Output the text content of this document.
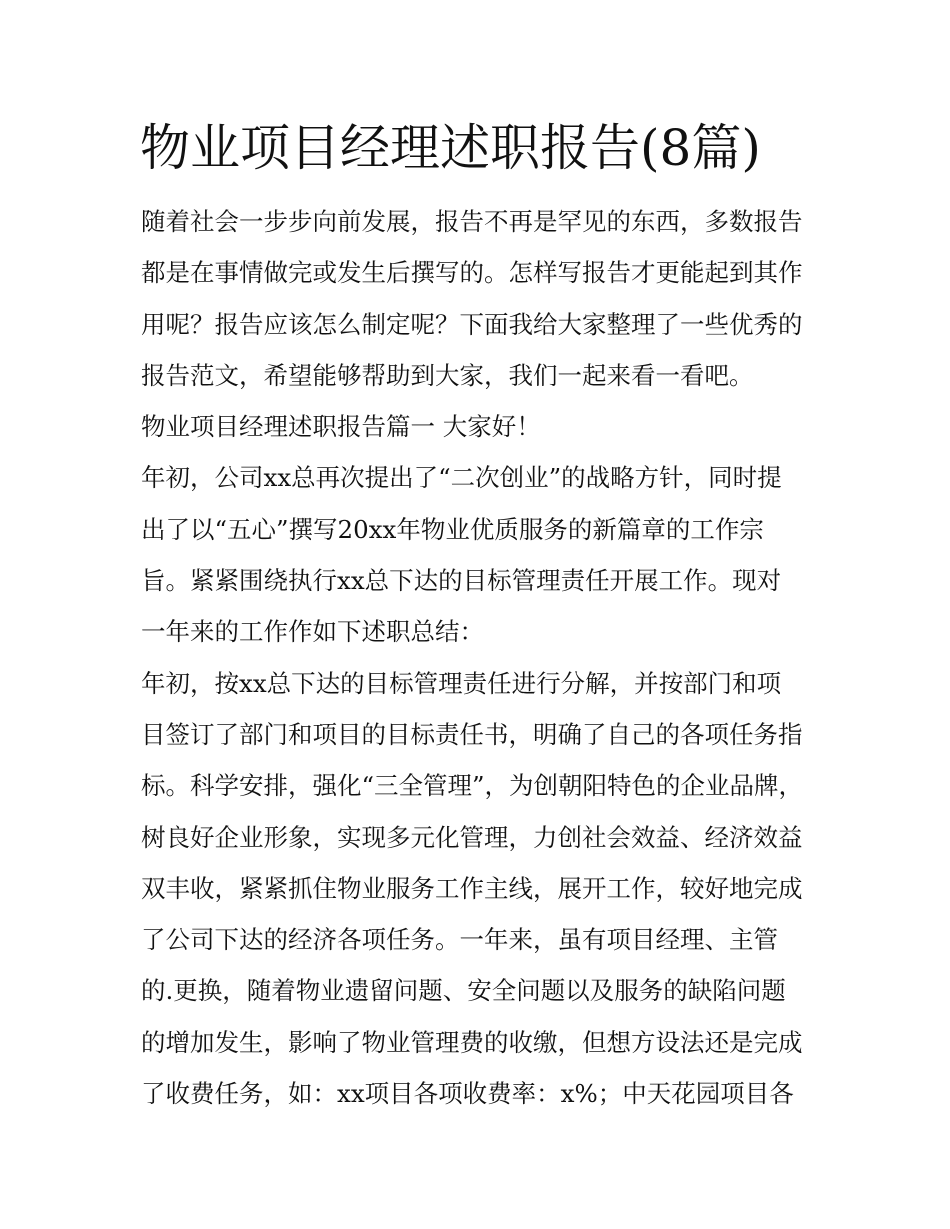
物业项目经理述职报告(8篇)

随着社会一步步向前发展，报告不再是罕见的东西，多数报告

都是在事情做完或发生后撰写的。怎样写报告才更能起到其作

用呢？报告应该怎么制定呢？下面我给大家整理了一些优秀的

报告范文，希望能够帮助到大家，我们一起来看一看吧。

物业项目经理述职报告篇一 大家好！

年初，公司xx总再次提出了“二次创业”的战略方针，同时提

出了以“五心”撰写20xx年物业优质服务的新篇章的工作宗

旨。紧紧围绕执行xx总下达的目标管理责任开展工作。现对

一年来的工作作如下述职总结：

年初，按xx总下达的目标管理责任进行分解，并按部门和项

目签订了部门和项目的目标责任书，明确了自己的各项任务指

标。科学安排，强化“三全管理”，为创朝阳特色的企业品牌，

树良好企业形象，实现多元化管理，力创社会效益、经济效益

双丰收，紧紧抓住物业服务工作主线，展开工作，较好地完成

了公司下达的经济各项任务。一年来，虽有项目经理、主管

的.更换，随着物业遗留问题、安全问题以及服务的缺陷问题

的增加发生，影响了物业管理费的收缴，但想方设法还是完成

了收费任务，如：xx项目各项收费率：x%；中天花园项目各
